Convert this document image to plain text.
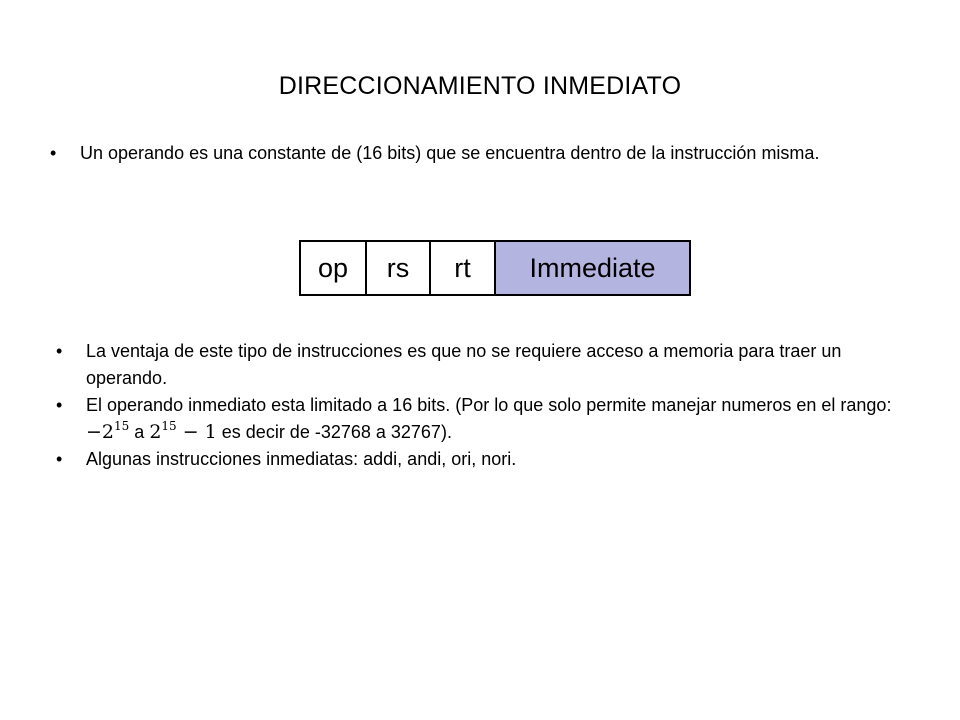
DIRECCIONAMIENTO INMEDIATO
•	Un operando es una constante de (16 bits) que se encuentra dentro de la instrucción misma.
op rs rt Immediate
•	La ventaja de este tipo de instrucciones es que no se requiere acceso a memoria para traer un operando.
•	El operando inmediato esta limitado a 16 bits. (Por lo que solo permite manejar numeros en el rango: $-2^{15}$ a $2^{15} - 1$ es decir de -32768 a 32767).
•	Algunas instrucciones inmediatas: addi, andi, ori, nori.
